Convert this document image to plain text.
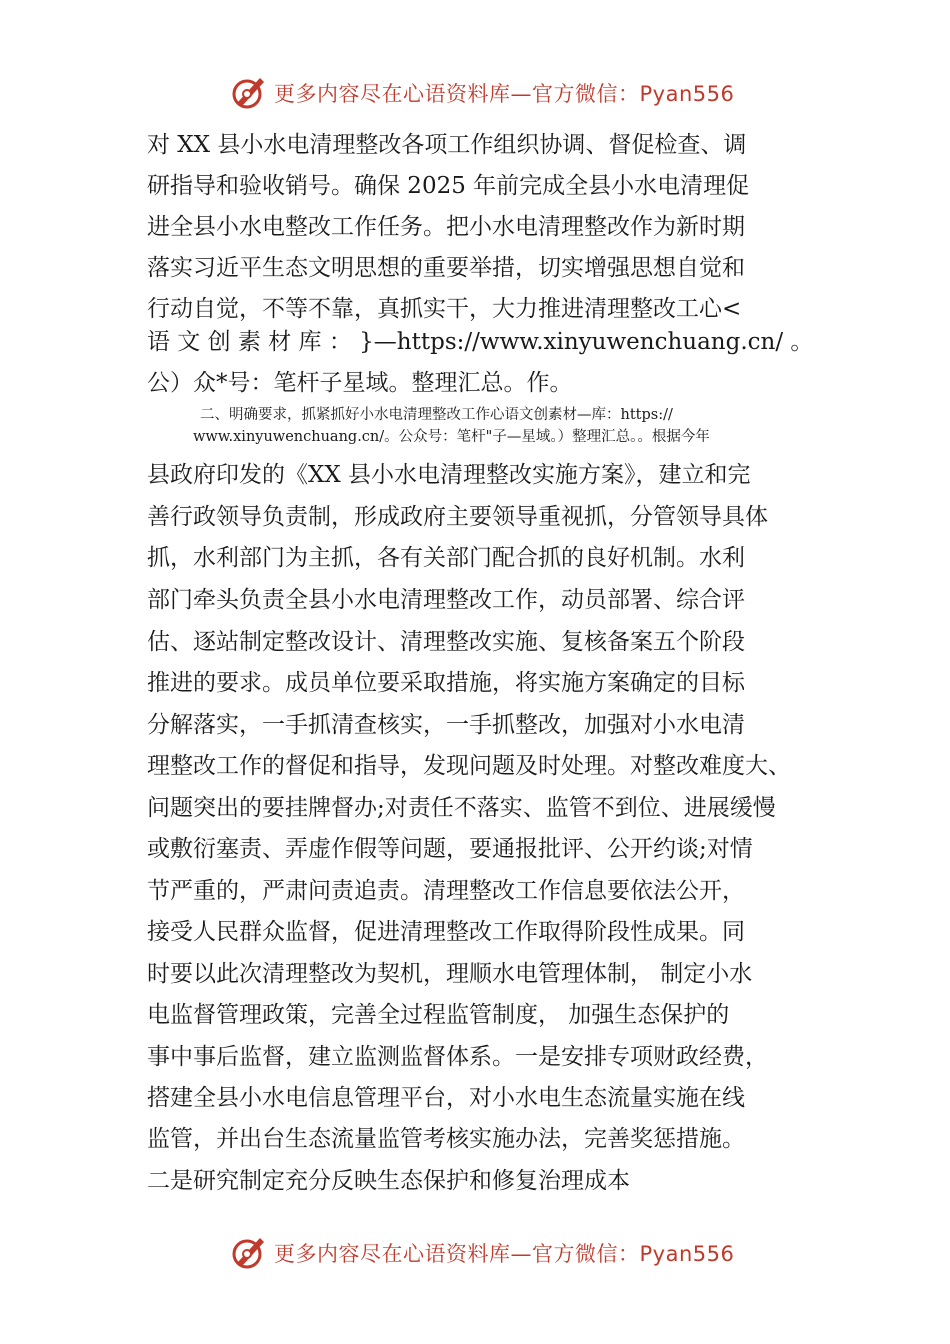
更多内容尽在心语资料库—官方微信：Pyan556
对 XX 县小水电清理整改各项工作组织协调、督促检查、调
研指导和验收销号。确保 2025 年前完成全县小水电清理促
进全县小水电整改工作任务。把小水电清理整改作为新时期
落实习近平生态文明思想的重要举措，切实增强思想自觉和
行动自觉，不等不靠，真抓实干，大力推进清理整改工心<
语 文 创 素 材 库 ： }—https://www.xinyuwenchuang.cn/ 。
公）众*号：笔杆子星域。整理汇总。作。
二、明确要求，抓紧抓好小水电清理整改工作心语文创素材—库：https://
www.xinyuwenchuang.cn/。公众号：笔杆"子—星域。）整理汇总。。根据今年
县政府印发的《XX 县小水电清理整改实施方案》，建立和完
善行政领导负责制，形成政府主要领导重视抓，分管领导具体
抓，水利部门为主抓，各有关部门配合抓的良好机制。水利
部门牵头负责全县小水电清理整改工作，动员部署、综合评
估、逐站制定整改设计、清理整改实施、复核备案五个阶段
推进的要求。成员单位要采取措施，将实施方案确定的目标
分解落实，一手抓清查核实，一手抓整改，加强对小水电清
理整改工作的督促和指导，发现问题及时处理。对整改难度大、
问题突出的要挂牌督办;对责任不落实、监管不到位、进展缓慢
或敷衍塞责、弄虚作假等问题，要通报批评、公开约谈;对情
节严重的，严肃问责追责。清理整改工作信息要依法公开，
接受人民群众监督，促进清理整改工作取得阶段性成果。同
时要以此次清理整改为契机，理顺水电管理体制， 制定小水
电监督管理政策，完善全过程监管制度， 加强生态保护的
事中事后监督，建立监测监督体系。一是安排专项财政经费，
搭建全县小水电信息管理平台，对小水电生态流量实施在线
监管，并出台生态流量监管考核实施办法，完善奖惩措施。
二是研究制定充分反映生态保护和修复治理成本
更多内容尽在心语资料库—官方微信：Pyan556
